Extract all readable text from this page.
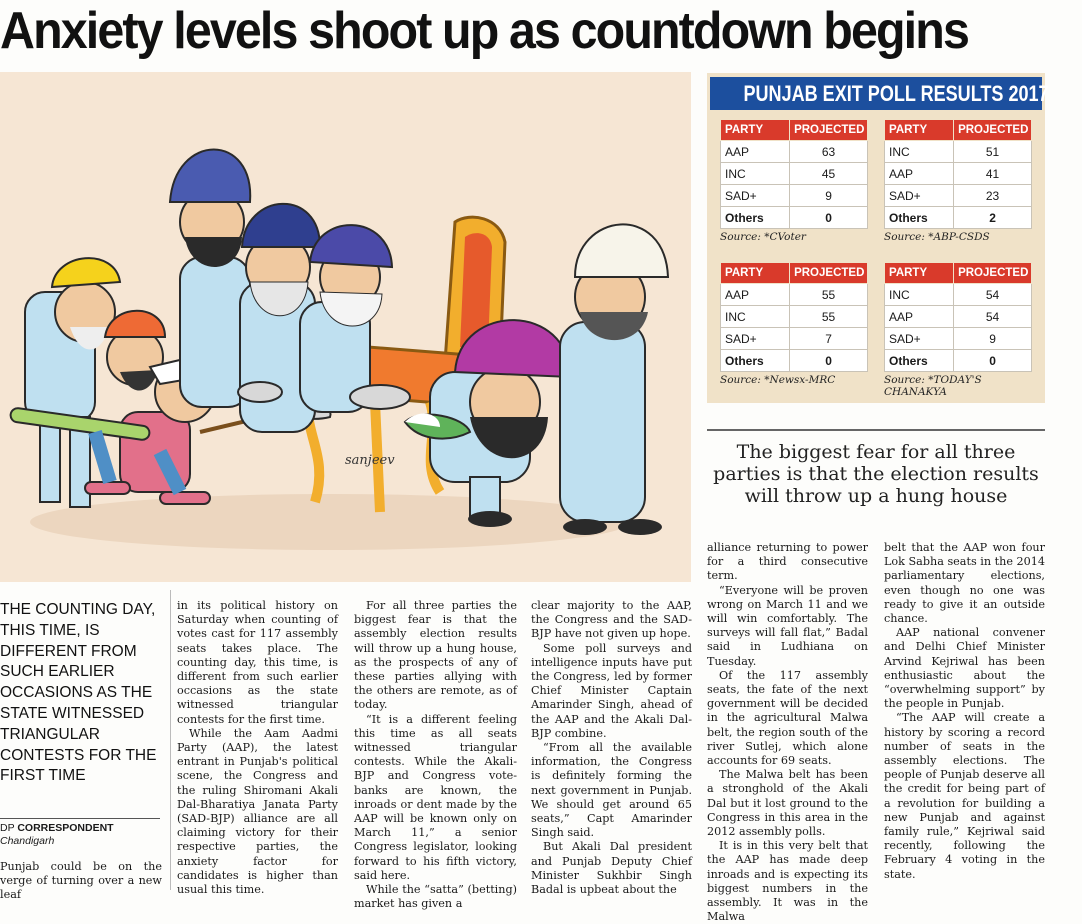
Anxiety levels shoot up as countdown begins
sanjeev
PUNJAB EXIT POLL RESULTS 2017
PARTY	PROJECTED
AAP	63
INC	45
SAD+	9
Others	0
Source: *CVoter
PARTY	PROJECTED
INC	51
AAP	41
SAD+	23
Others	2
Source: *ABP-CSDS
PARTY	PROJECTED
AAP	55
INC	55
SAD+	7
Others	0
Source: *Newsx-MRC
PARTY	PROJECTED
INC	54
AAP	54
SAD+	9
Others	0
Source: *TODAY'S CHANAKYA

The biggest fear for all three parties is that the election results will throw up a hung house

THE COUNTING DAY, THIS TIME, IS DIFFERENT FROM SUCH EARLIER OCCASIONS AS THE STATE WITNESSED TRIANGULAR CONTESTS FOR THE FIRST TIME
DP CORRESPONDENT
Chandigarh

Punjab could be on the verge of turning over a new leaf

in its political history on Saturday when counting of votes cast for 117 assembly seats takes place. The counting day, this time, is different from such earlier occasions as the state witnessed triangular contests for the first time.

While the Aam Aadmi Party (AAP), the latest entrant in Punjab's political scene, the Congress and the ruling Shiromani Akali Dal-Bharatiya Janata Party (SAD-BJP) alliance are all claiming victory for their respective parties, the anxiety factor for candidates is higher than usual this time.

For all three parties the biggest fear is that the assembly election results will throw up a hung house, as the prospects of any of these parties allying with the others are remote, as of today.

“It is a different feeling this time as all seats witnessed triangular contests. While the Akali-BJP and Congress vote-banks are known, the inroads or dent made by the AAP will be known only on March 11,” a senior Congress legislator, looking forward to his fifth victory, said here.

While the “satta” (betting) market has given a

clear majority to the AAP, the Congress and the SAD-BJP have not given up hope.

Some poll surveys and intelligence inputs have put the Congress, led by former Chief Minister Captain Amarinder Singh, ahead of the AAP and the Akali Dal-BJP combine.

“From all the available information, the Congress is definitely forming the next government in Punjab. We should get around 65 seats,” Capt Amarinder Singh said.

But Akali Dal president and Punjab Deputy Chief Minister Sukhbir Singh Badal is upbeat about the

alliance returning to power for a third consecutive term.

“Everyone will be proven wrong on March 11 and we will win comfortably. The surveys will fall flat,” Badal said in Ludhiana on Tuesday.

Of the 117 assembly seats, the fate of the next government will be decided in the agricultural Malwa belt, the region south of the river Sutlej, which alone accounts for 69 seats.

The Malwa belt has been a stronghold of the Akali Dal but it lost ground to the Congress in this area in the 2012 assembly polls.

It is in this very belt that the AAP has made deep inroads and is expecting its biggest numbers in the assembly. It was in the Malwa

belt that the AAP won four Lok Sabha seats in the 2014 parliamentary elections, even though no one was ready to give it an outside chance.

AAP national convener and Delhi Chief Minister Arvind Kejriwal has been enthusiastic about the “overwhelming support” by the people in Punjab.

“The AAP will create a history by scoring a record number of seats in the assembly elections. The people of Punjab deserve all the credit for being part of a revolution for building a new Punjab and against family rule,” Kejriwal said recently, following the February 4 voting in the state.
